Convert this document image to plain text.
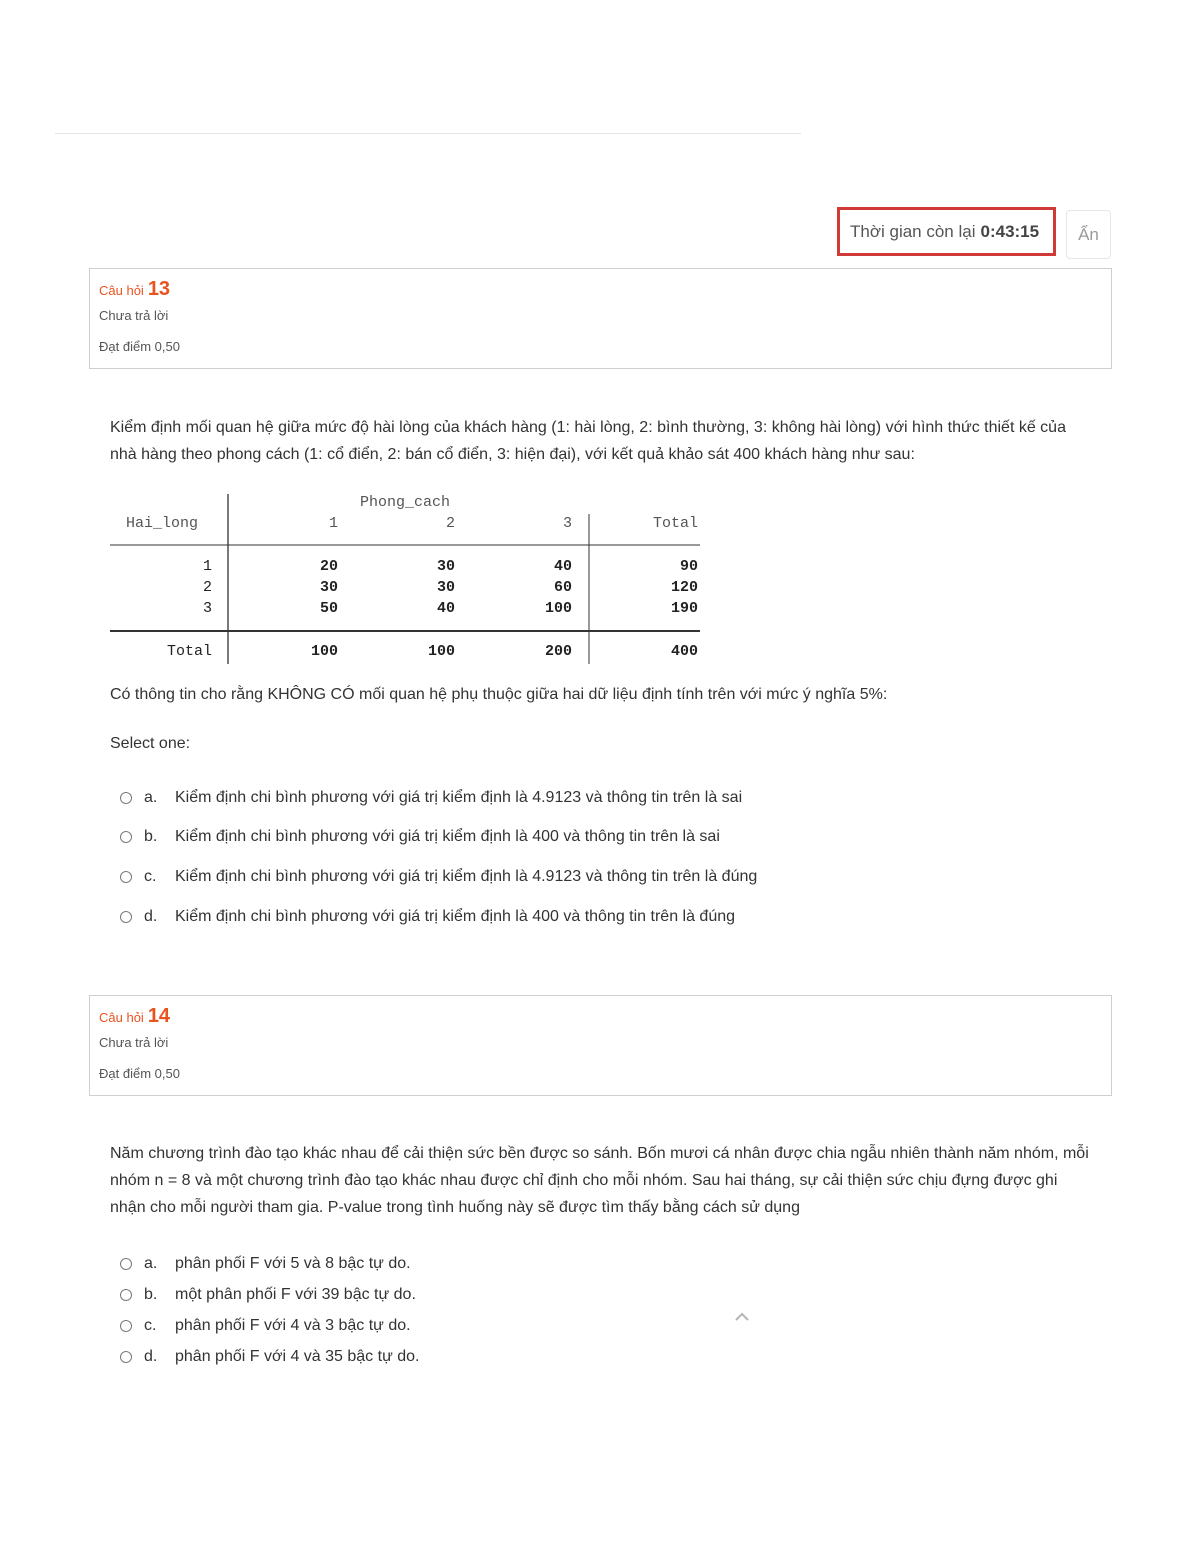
Thời gian còn lại 0:43:15	Ẩn
Câu hỏi 13
Chưa trả lời
Đạt điểm 0,50
Kiểm định mối quan hệ giữa mức độ hài lòng của khách hàng (1: hài lòng, 2: bình thường, 3: không hài lòng) với hình thức thiết kế của nhà hàng theo phong cách (1: cổ điển, 2: bán cổ điển, 3: hiện đại), với kết quả khảo sát 400 khách hàng như sau:
Phong_cach
Hai_long	1	2	3	Total
1	20	30	40	90
2	30	30	60	120
3	50	40	100	190
Total	100	100	200	400
Có thông tin cho rằng KHÔNG CÓ mối quan hệ phụ thuộc giữa hai dữ liệu định tính trên với mức ý nghĩa 5%:
Select one:
a.	Kiểm định chi bình phương với giá trị kiểm định là 4.9123 và thông tin trên là sai
b.	Kiểm định chi bình phương với giá trị kiểm định là 400 và thông tin trên là sai
c.	Kiểm định chi bình phương với giá trị kiểm định là 4.9123 và thông tin trên là đúng
d.	Kiểm định chi bình phương với giá trị kiểm định là 400 và thông tin trên là đúng
Câu hỏi 14
Chưa trả lời
Đạt điểm 0,50
Năm chương trình đào tạo khác nhau để cải thiện sức bền được so sánh. Bốn mươi cá nhân được chia ngẫu nhiên thành năm nhóm, mỗi nhóm n = 8 và một chương trình đào tạo khác nhau được chỉ định cho mỗi nhóm. Sau hai tháng, sự cải thiện sức chịu đựng được ghi nhận cho mỗi người tham gia. P-value trong tình huống này sẽ được tìm thấy bằng cách sử dụng
a.	phân phối F với 5 và 8 bậc tự do.
b.	một phân phối F với 39 bậc tự do.
c.	phân phối F với 4 và 3 bậc tự do.
d.	phân phối F với 4 và 35 bậc tự do.
